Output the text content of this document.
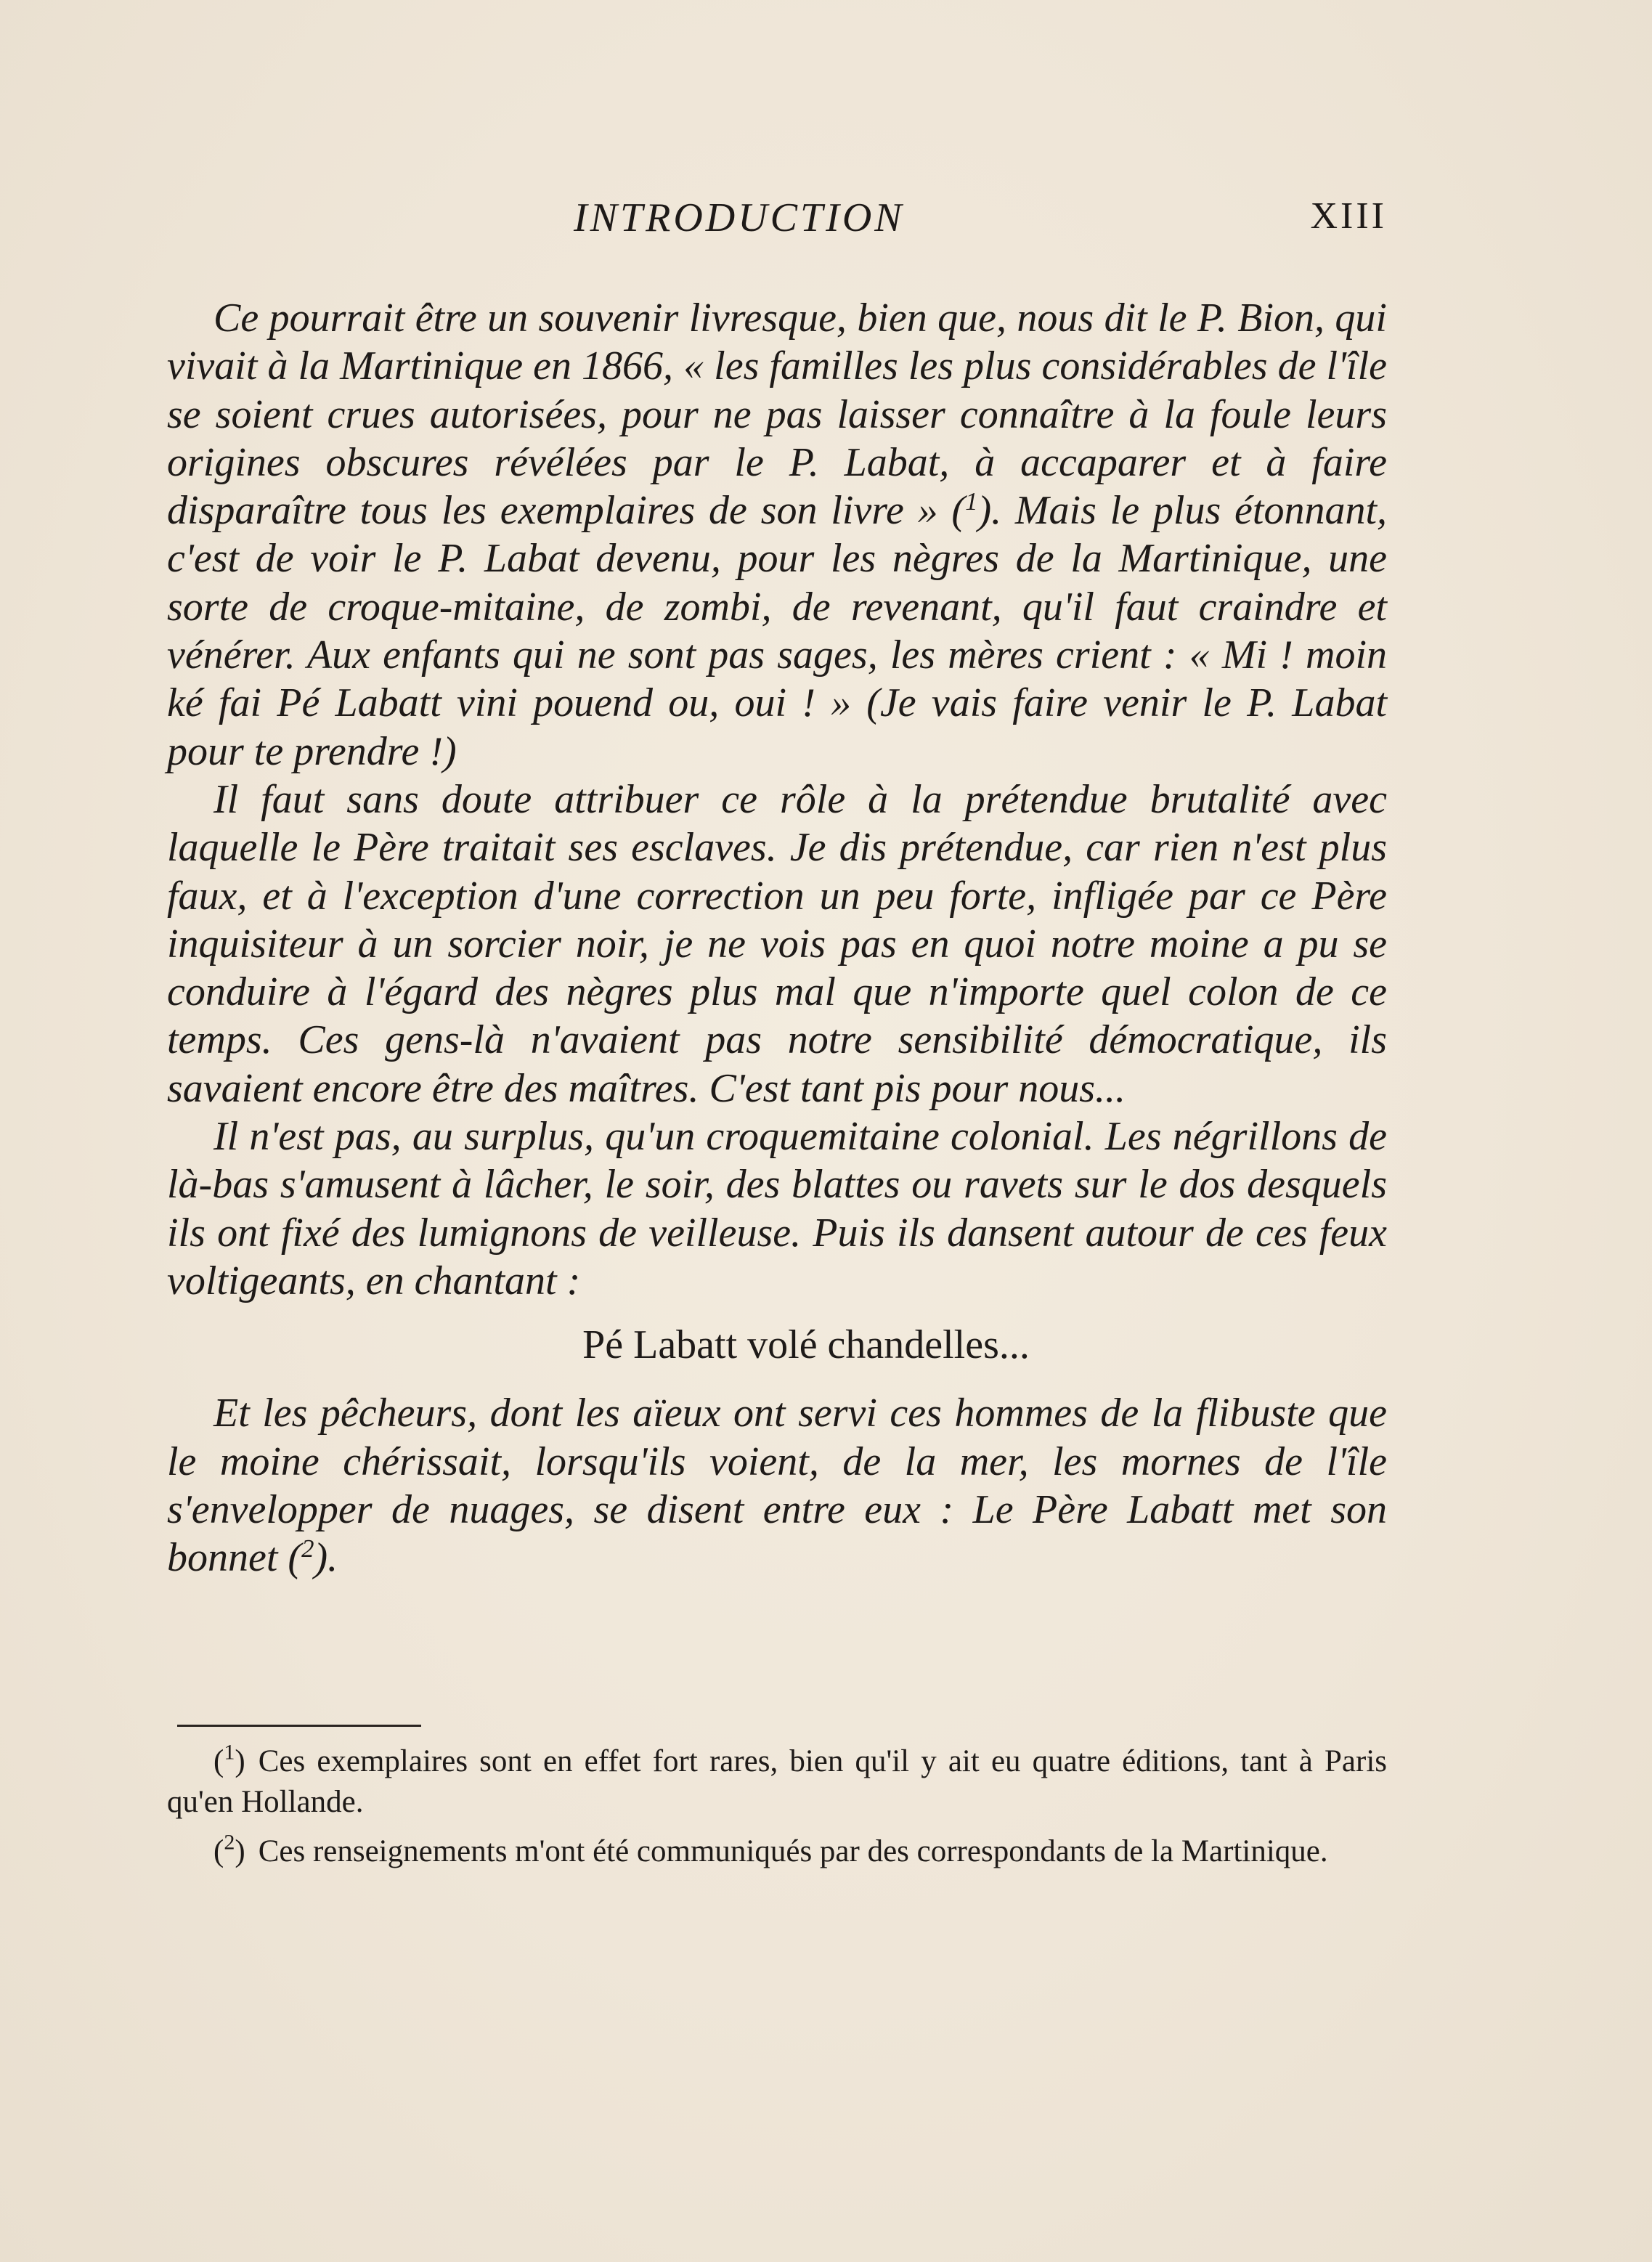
INTRODUCTION	XIII

Ce pourrait être un souvenir livresque, bien que, nous dit le P. Bion, qui vivait à la Martinique en 1866, « les familles les plus considérables de l'île se soient crues autorisées, pour ne pas laisser connaître à la foule leurs origines obscures révélées par le P. Labat, à accaparer et à faire disparaître tous les exemplaires de son livre » ($^1$). Mais le plus étonnant, c'est de voir le P. Labat devenu, pour les nègres de la Martinique, une sorte de croque-mitaine, de zombi, de revenant, qu'il faut craindre et vénérer. Aux enfants qui ne sont pas sages, les mères crient : « Mi ! moin ké fai Pé Labatt vini pouend ou, oui ! » (Je vais faire venir le P. Labat pour te prendre !)

Il faut sans doute attribuer ce rôle à la prétendue brutalité avec laquelle le Père traitait ses esclaves. Je dis prétendue, car rien n'est plus faux, et à l'exception d'une correction un peu forte, infligée par ce Père inquisiteur à un sorcier noir, je ne vois pas en quoi notre moine a pu se conduire à l'égard des nègres plus mal que n'importe quel colon de ce temps. Ces gens-là n'avaient pas notre sensibilité démocratique, ils savaient encore être des maîtres. C'est tant pis pour nous...

Il n'est pas, au surplus, qu'un croquemitaine colonial. Les négrillons de là-bas s'amusent à lâcher, le soir, des blattes ou ravets sur le dos desquels ils ont fixé des lumignons de veilleuse. Puis ils dansent autour de ces feux voltigeants, en chantant :

Pé Labatt volé chandelles...

Et les pêcheurs, dont les aïeux ont servi ces hommes de la flibuste que le moine chérissait, lorsqu'ils voient, de la mer, les mornes de l'île s'envelopper de nuages, se disent entre eux : Le Père Labatt met son bonnet ($^2$).

($^1$) Ces exemplaires sont en effet fort rares, bien qu'il y ait eu quatre éditions, tant à Paris qu'en Hollande.

($^2$) Ces renseignements m'ont été communiqués par des correspondants de la Martinique.
